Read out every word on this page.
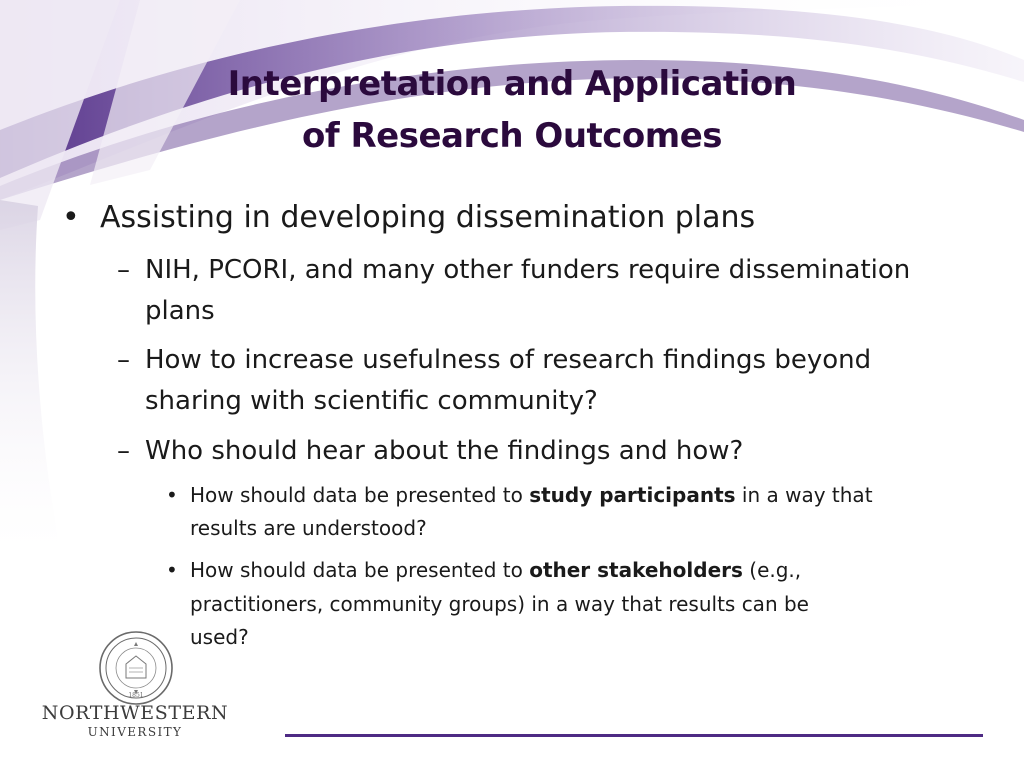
Interpretation and Application
of Research Outcomes
• Assisting in developing dissemination plans
– NIH, PCORI, and many other funders require dissemination
plans
– How to increase usefulness of research findings beyond
sharing with scientific community?
– Who should hear about the findings and how?
• How should data be presented to study participants in a way that
results are understood?
• How should data be presented to other stakeholders (e.g.,
practitioners, community groups) in a way that results can be
used?
1851
NORTHWESTERN
UNIVERSITY
